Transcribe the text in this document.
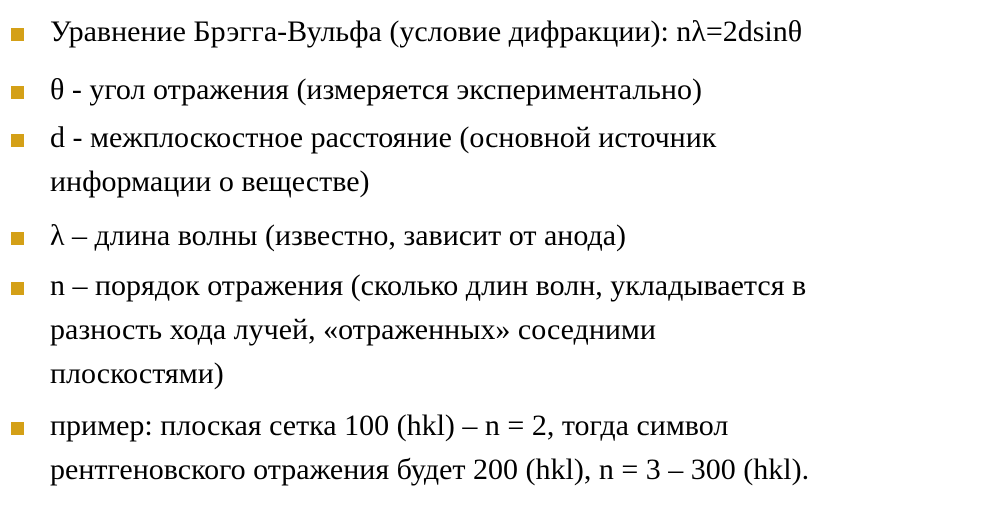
Уравнение Брэгга-Вульфа (условие дифракции): nλ=2dsinθ
θ - угол отражения (измеряется экспериментально)
d - межплоскостное расстояние (основной источник
информации о веществе)
λ – длина волны (известно, зависит от анода)
n – порядок отражения (сколько длин волн, укладывается в
разность хода лучей, «отраженных» соседними
плоскостями)
пример: плоская сетка 100 (hkl) – n = 2, тогда символ
рентгеновского отражения будет 200 (hkl), n = 3 – 300 (hkl).
